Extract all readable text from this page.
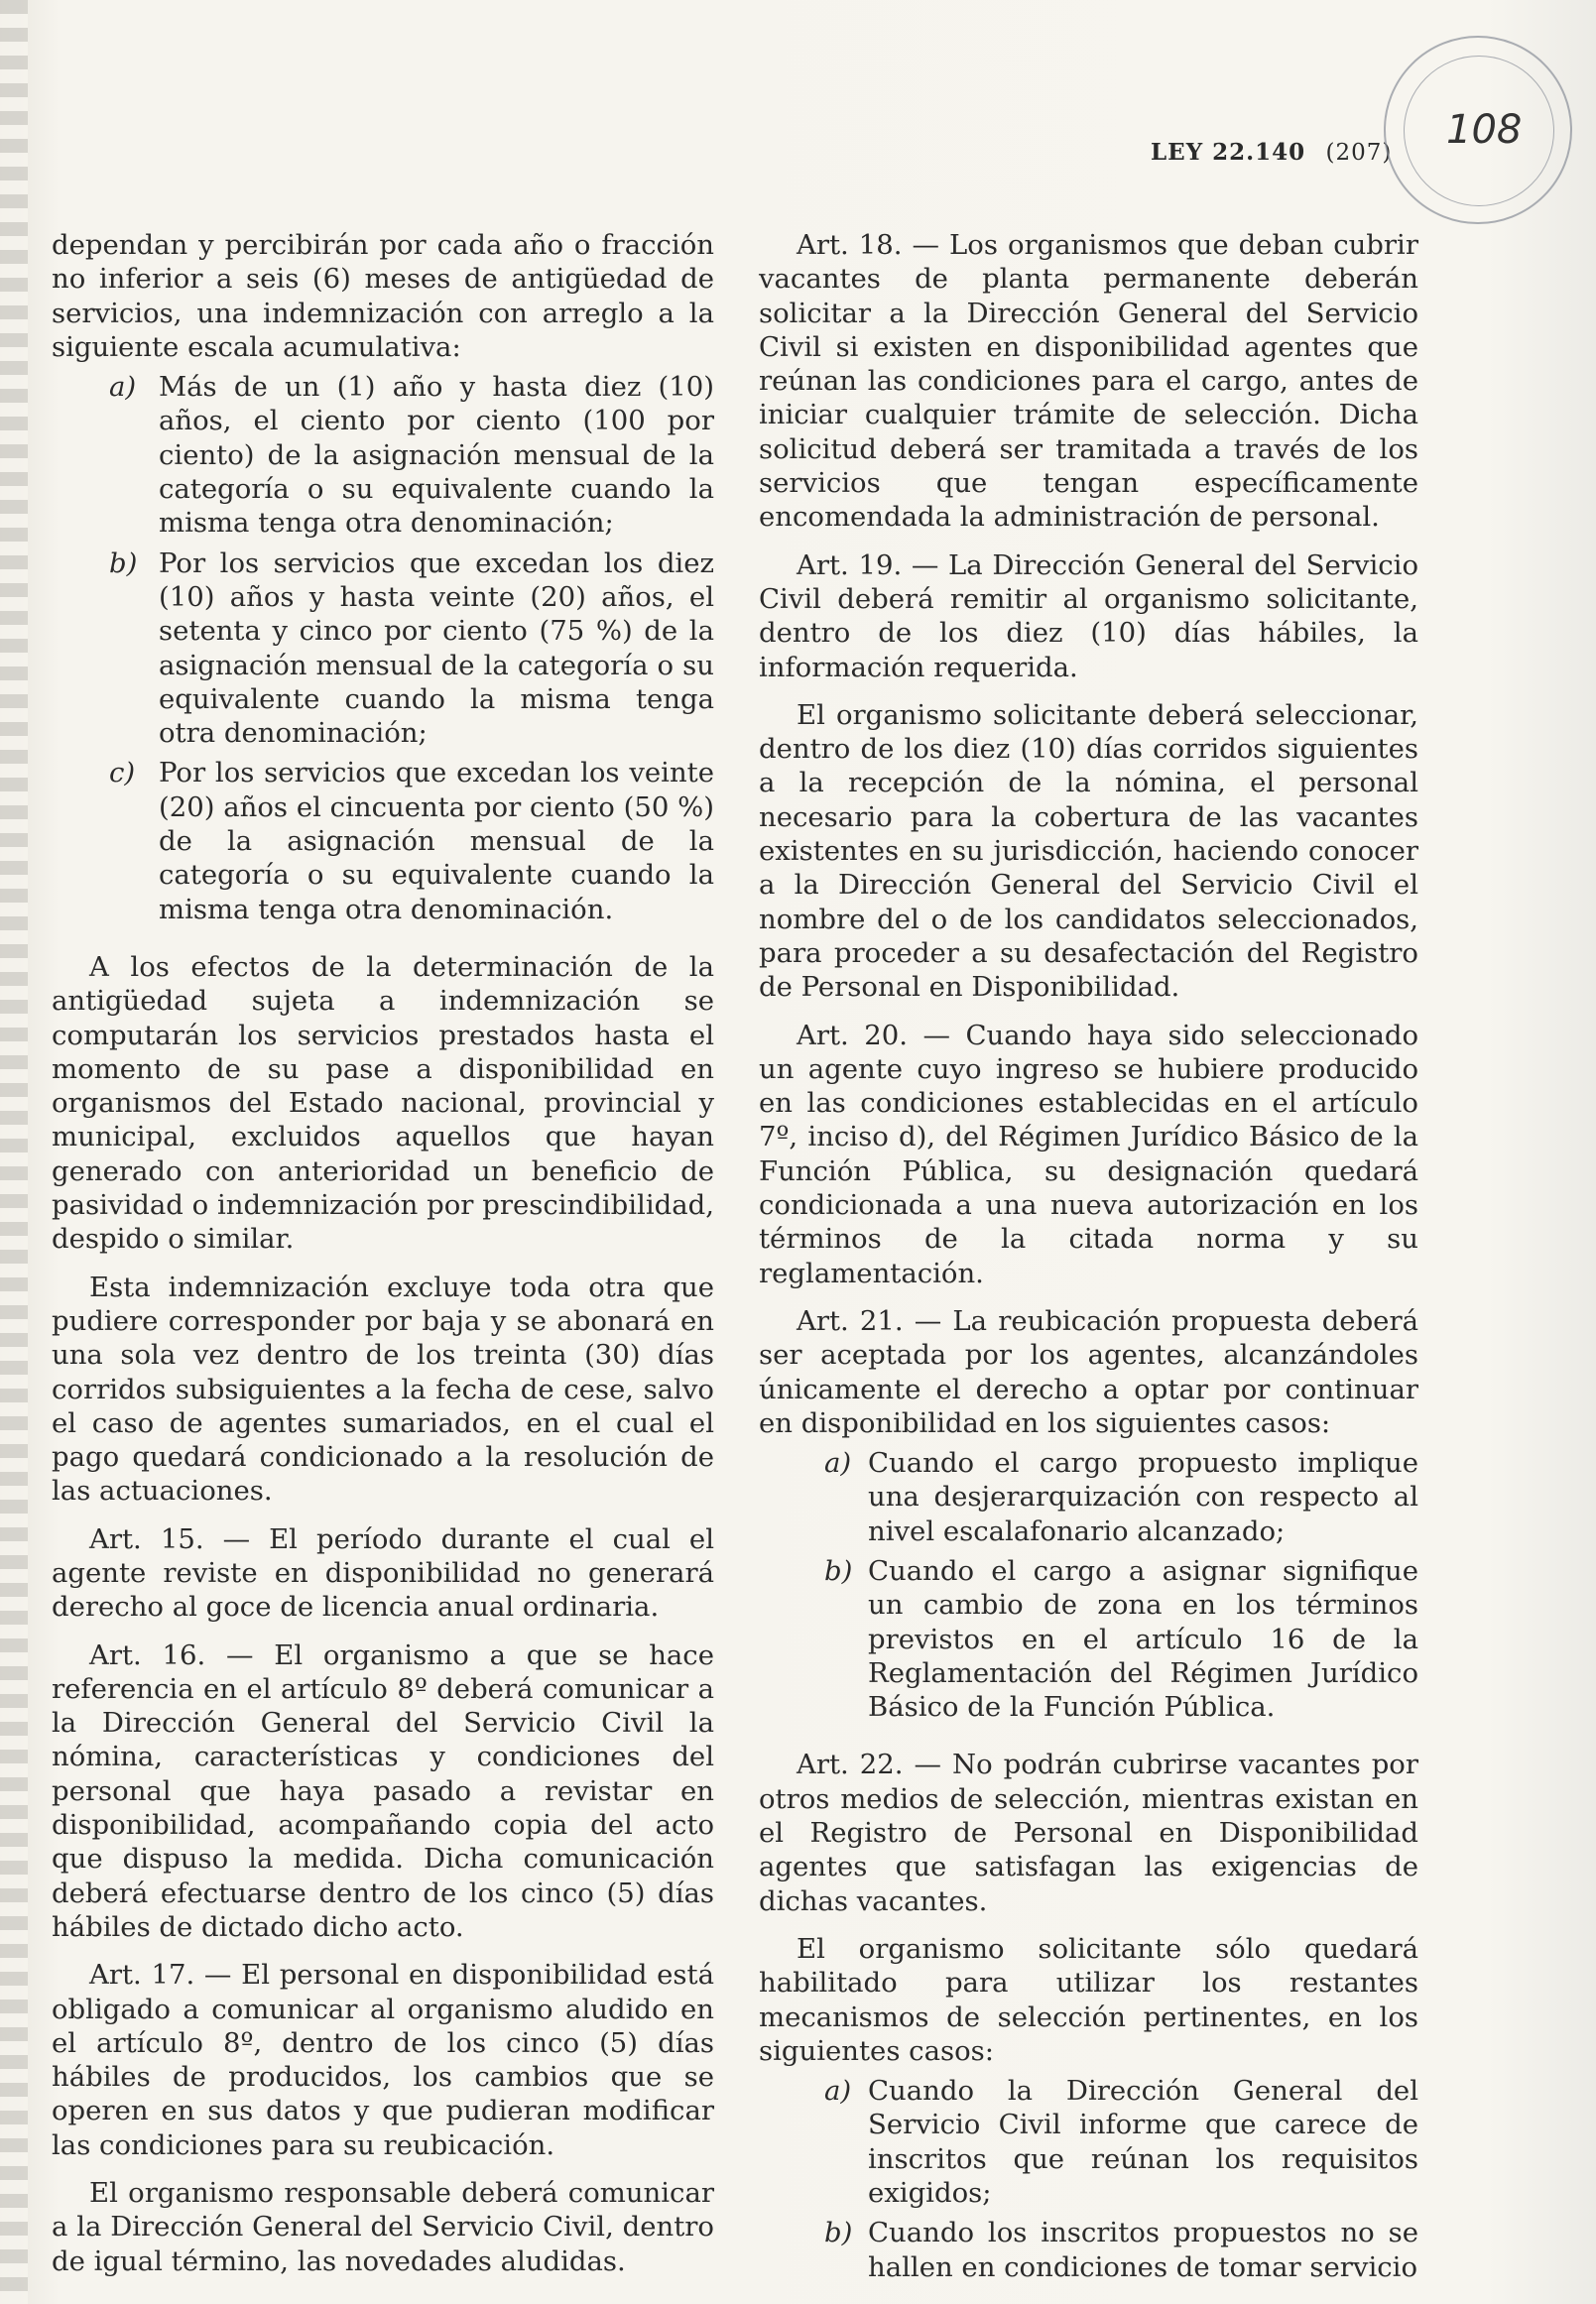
LEY 22.140 (207) 108

dependan y percibirán por cada año o fracción no inferior a seis (6) meses de antigüedad de servicios, una indemnización con arreglo a la siguiente escala acumulativa:

a) Más de un (1) año y hasta diez (10) años, el ciento por ciento (100 por ciento) de la asignación mensual de la categoría o su equivalente cuando la misma tenga otra denominación;
b) Por los servicios que excedan los diez (10) años y hasta veinte (20) años, el setenta y cinco por ciento (75 %) de la asignación mensual de la categoría o su equivalente cuando la misma tenga otra denominación;
c) Por los servicios que excedan los veinte (20) años el cincuenta por ciento (50 %) de la asignación mensual de la categoría o su equivalente cuando la misma tenga otra denominación.

A los efectos de la determinación de la antigüedad sujeta a indemnización se computarán los servicios prestados hasta el momento de su pase a disponibilidad en organismos del Estado nacional, provincial y municipal, excluidos aquellos que hayan generado con anterioridad un beneficio de pasividad o indemnización por prescindibilidad, despido o similar.

Esta indemnización excluye toda otra que pudiere corresponder por baja y se abonará en una sola vez dentro de los treinta (30) días corridos subsiguientes a la fecha de cese, salvo el caso de agentes sumariados, en el cual el pago quedará condicionado a la resolución de las actuaciones.

Art. 15. — El período durante el cual el agente reviste en disponibilidad no generará derecho al goce de licencia anual ordinaria.

Art. 16. — El organismo a que se hace referencia en el artículo 8º deberá comunicar a la Dirección General del Servicio Civil la nómina, características y condiciones del personal que haya pasado a revistar en disponibilidad, acompañando copia del acto que dispuso la medida. Dicha comunicación deberá efectuarse dentro de los cinco (5) días hábiles de dictado dicho acto.

Art. 17. — El personal en disponibilidad está obligado a comunicar al organismo aludido en el artículo 8º, dentro de los cinco (5) días hábiles de producidos, los cambios que se operen en sus datos y que pudieran modificar las condiciones para su reubicación.

El organismo responsable deberá comunicar a la Dirección General del Servicio Civil, dentro de igual término, las novedades aludidas.

Art. 18. — Los organismos que deban cubrir vacantes de planta permanente deberán solicitar a la Dirección General del Servicio Civil si existen en disponibilidad agentes que reúnan las condiciones para el cargo, antes de iniciar cualquier trámite de selección. Dicha solicitud deberá ser tramitada a través de los servicios que tengan específicamente encomendada la administración de personal.

Art. 19. — La Dirección General del Servicio Civil deberá remitir al organismo solicitante, dentro de los diez (10) días hábiles, la información requerida.

El organismo solicitante deberá seleccionar, dentro de los diez (10) días corridos siguientes a la recepción de la nómina, el personal necesario para la cobertura de las vacantes existentes en su jurisdicción, haciendo conocer a la Dirección General del Servicio Civil el nombre del o de los candidatos seleccionados, para proceder a su desafectación del Registro de Personal en Disponibilidad.

Art. 20. — Cuando haya sido seleccionado un agente cuyo ingreso se hubiere producido en las condiciones establecidas en el artículo 7º, inciso d), del Régimen Jurídico Básico de la Función Pública, su designación quedará condicionada a una nueva autorización en los términos de la citada norma y su reglamentación.

Art. 21. — La reubicación propuesta deberá ser aceptada por los agentes, alcanzándoles únicamente el derecho a optar por continuar en disponibilidad en los siguientes casos:

a) Cuando el cargo propuesto implique una desjerarquización con respecto al nivel escalafonario alcanzado;
b) Cuando el cargo a asignar signifique un cambio de zona en los términos previstos en el artículo 16 de la Reglamentación del Régimen Jurídico Básico de la Función Pública.

Art. 22. — No podrán cubrirse vacantes por otros medios de selección, mientras existan en el Registro de Personal en Disponibilidad agentes que satisfagan las exigencias de dichas vacantes.

El organismo solicitante sólo quedará habilitado para utilizar los restantes mecanismos de selección pertinentes, en los siguientes casos:

a) Cuando la Dirección General del Servicio Civil informe que carece de inscritos que reúnan los requisitos exigidos;
b) Cuando los inscritos propuestos no se hallen en condiciones de tomar servicio
